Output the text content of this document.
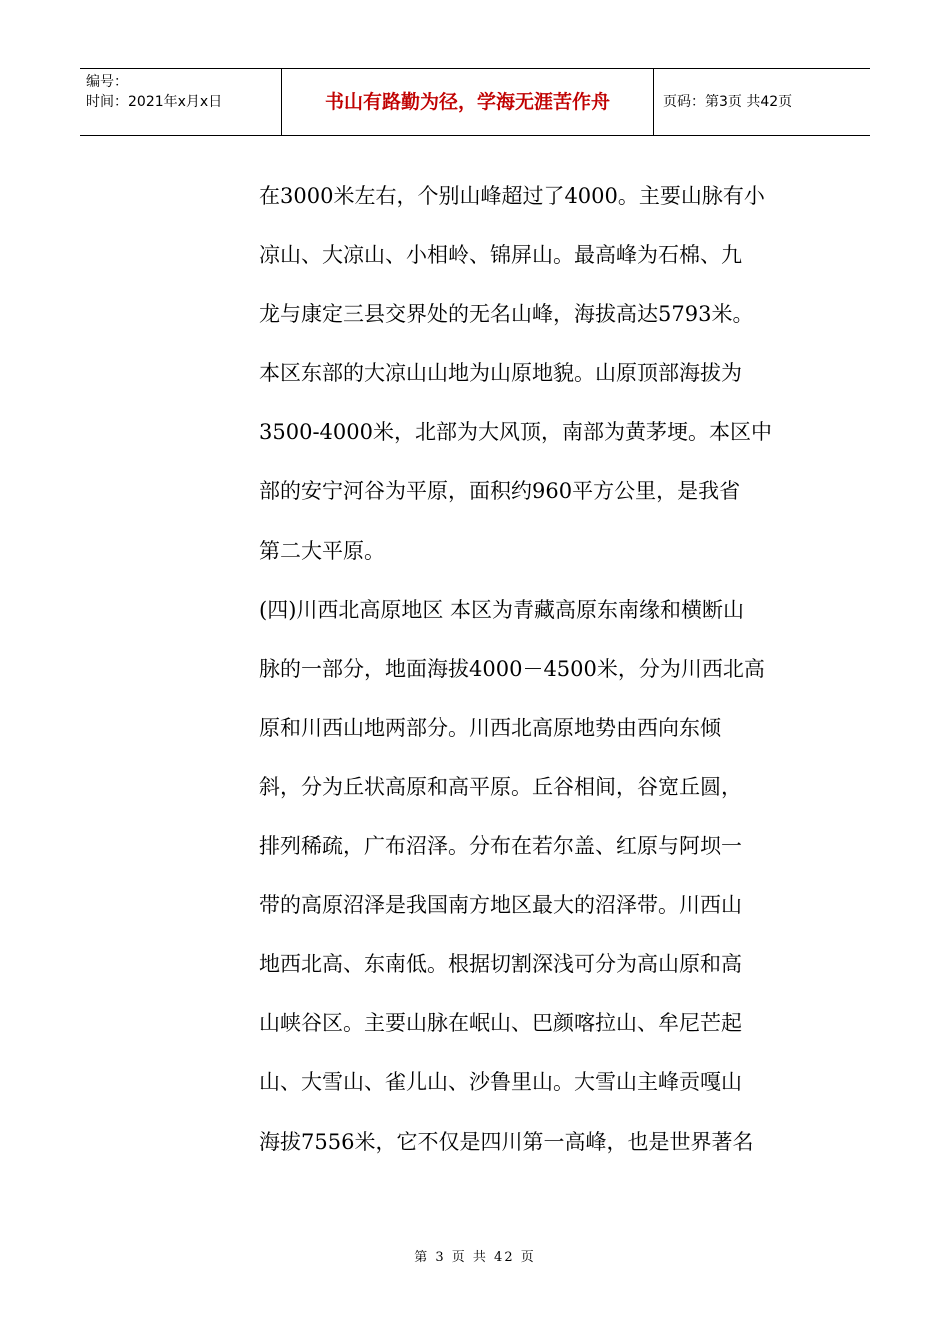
编号：
时间：2021年x月x日	书山有路勤为径，学海无涯苦作舟	页码：第3页 共42页
在3000米左右，个别山峰超过了4000。主要山脉有小
凉山、大凉山、小相岭、锦屏山。最高峰为石棉、九
龙与康定三县交界处的无名山峰，海拔高达5793米。
本区东部的大凉山山地为山原地貌。山原顶部海拔为
3500-4000米，北部为大风顶，南部为黄茅埂。本区中
部的安宁河谷为平原，面积约960平方公里，是我省
第二大平原。
(四)川西北高原地区 本区为青藏高原东南缘和横断山
脉的一部分，地面海拔4000－4500米，分为川西北高
原和川西山地两部分。川西北高原地势由西向东倾
斜，分为丘状高原和高平原。丘谷相间，谷宽丘圆，
排列稀疏，广布沼泽。分布在若尔盖、红原与阿坝一
带的高原沼泽是我国南方地区最大的沼泽带。川西山
地西北高、东南低。根据切割深浅可分为高山原和高
山峡谷区。主要山脉在岷山、巴颜喀拉山、牟尼芒起
山、大雪山、雀儿山、沙鲁里山。大雪山主峰贡嘎山
海拔7556米，它不仅是四川第一高峰，也是世界著名
第 3 页 共 42 页
